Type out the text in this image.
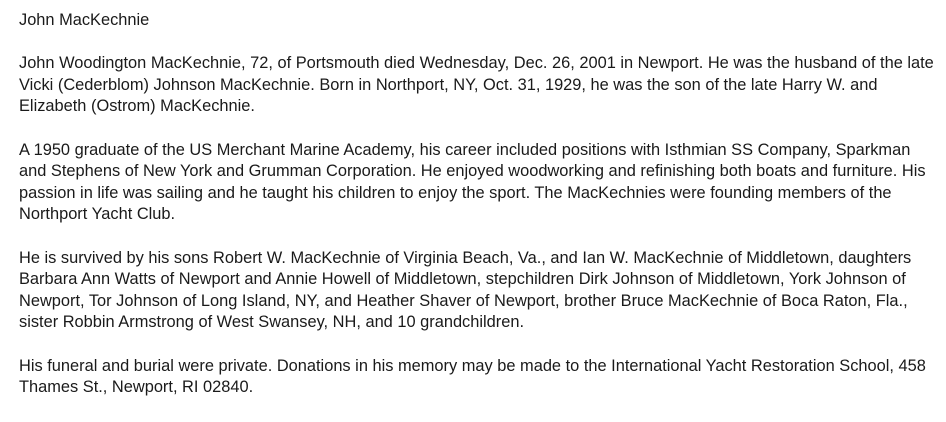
John MacKechnie

John Woodington MacKechnie, 72, of Portsmouth died Wednesday, Dec. 26, 2001 in Newport. He was the husband of the late Vicki (Cederblom) Johnson MacKechnie. Born in Northport, NY, Oct. 31, 1929, he was the son of the late Harry W. and Elizabeth (Ostrom) MacKechnie.

A 1950 graduate of the US Merchant Marine Academy, his career included positions with Isthmian SS Company, Sparkman and Stephens of New York and Grumman Corporation. He enjoyed woodworking and refinishing both boats and furniture. His passion in life was sailing and he taught his children to enjoy the sport. The MacKechnies were founding members of the Northport Yacht Club.

He is survived by his sons Robert W. MacKechnie of Virginia Beach, Va., and Ian W. MacKechnie of Middletown, daughters Barbara Ann Watts of Newport and Annie Howell of Middletown, stepchildren Dirk Johnson of Middletown, York Johnson of Newport, Tor Johnson of Long Island, NY, and Heather Shaver of Newport, brother Bruce MacKechnie of Boca Raton, Fla., sister Robbin Armstrong of West Swansey, NH, and 10 grandchildren.

His funeral and burial were private. Donations in his memory may be made to the International Yacht Restoration School, 458 Thames St., Newport, RI 02840.
